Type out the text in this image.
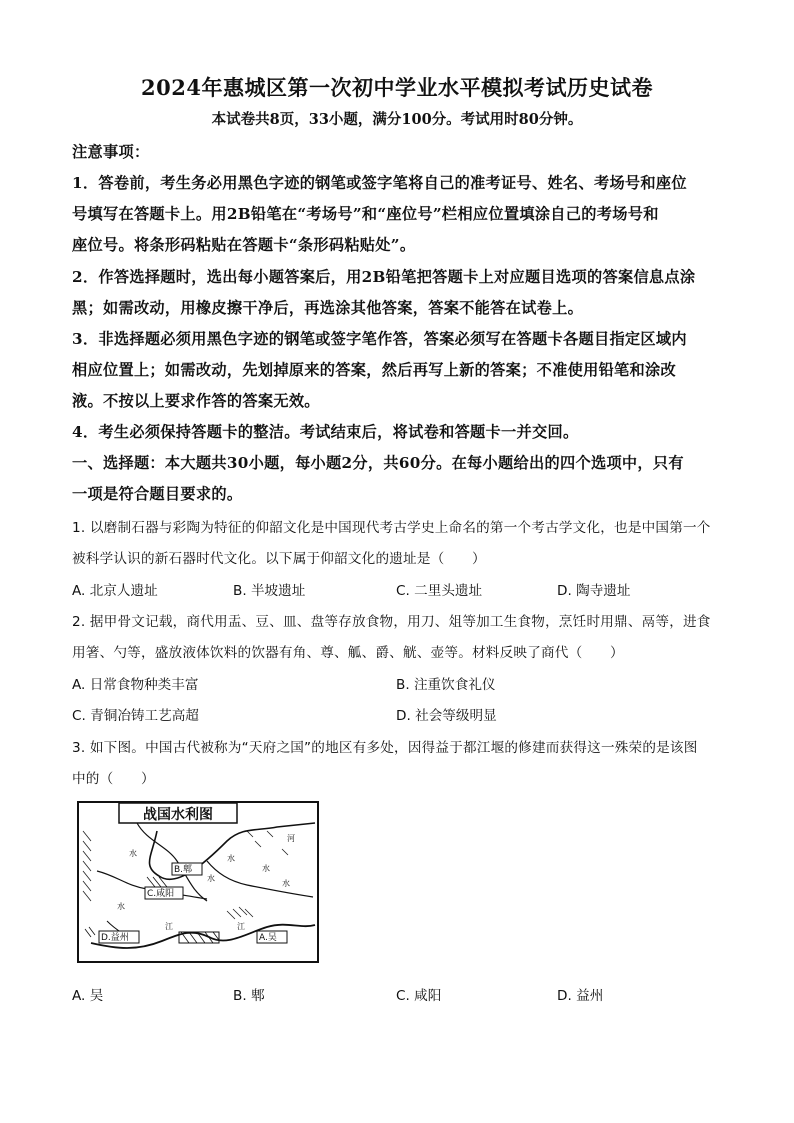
2024年惠城区第一次初中学业水平模拟考试历史试卷
本试卷共8页，33小题，满分100分。考试用时80分钟。
注意事项：
1．答卷前，考生务必用黑色字迹的钢笔或签字笔将自己的准考证号、姓名、考场号和座位
号填写在答题卡上。用2B铅笔在“考场号”和“座位号”栏相应位置填涂自己的考场号和
座位号。将条形码粘贴在答题卡“条形码粘贴处”。
2．作答选择题时，选出每小题答案后，用2B铅笔把答题卡上对应题目选项的答案信息点涂
黑；如需改动，用橡皮擦干净后，再选涂其他答案，答案不能答在试卷上。
3．非选择题必须用黑色字迹的钢笔或签字笔作答，答案必须写在答题卡各题目指定区域内
相应位置上；如需改动，先划掉原来的答案，然后再写上新的答案；不准使用铅笔和涂改
液。不按以上要求作答的答案无效。
4．考生必须保持答题卡的整洁。考试结束后，将试卷和答题卡一并交回。
一、选择题：本大题共30小题，每小题2分，共60分。在每小题给出的四个选项中，只有
一项是符合题目要求的。
1. 以磨制石器与彩陶为特征的仰韶文化是中国现代考古学史上命名的第一个考古学文化，也是中国第一个
被科学认识的新石器时代文化。以下属于仰韶文化的遗址是（　　）
A. 北京人遗址	B. 半坡遗址	C. 二里头遗址	D. 陶寺遗址
2. 据甲骨文记载，商代用盂、豆、皿、盘等存放食物，用刀、俎等加工生食物，烹饪时用鼎、鬲等，进食
用箸、勺等，盛放液体饮料的饮器有角、尊、觚、爵、觥、壶等。材料反映了商代（　　）
A. 日常食物种类丰富	B. 注重饮食礼仪
C. 青铜冶铸工艺高超	D. 社会等级明显
3. 如下图。中国古代被称为“天府之国”的地区有多处，因得益于都江堰的修建而获得这一殊荣的是该图
中的（　　）
战国水利图
B.郫
C.咸阳
D.益州	A.吴
水
水
水
水
水
江
江
河
水
A. 吴	B. 郫	C. 咸阳	D. 益州
